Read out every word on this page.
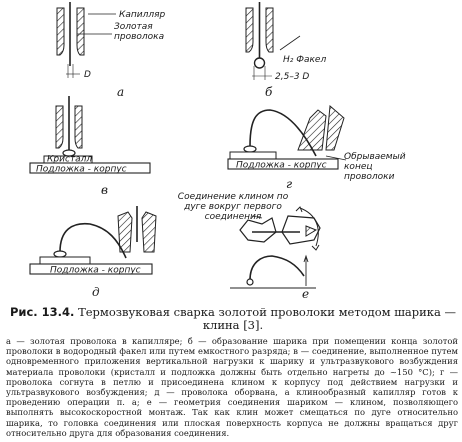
Капилляр
Золотая проволока
D
а
H₂ Факел
2,5–3 D
б
Кристалл
Подложка - корпус
в
Подложка - корпус
Обрываемый конец проволоки
г
Подложка - корпус
д
Соединение клином по дуге вокруг первого соединения
е
Рис. 13.4. Термозвуковая сварка золотой проволоки методом шарика — клина [3].
а — золотая проволока в капилляре; б — образование шарика при помещении конца золотой проволоки в водородный факел или путем емкостного разряда; в — соединение, выполненное путем одновременного приложения вертикальной нагрузки к шарику и ультразвукового возбуждения материала проволоки (кристалл и подложка должны быть отдельно нагреты до ~150 °С); г — проволока согнута в петлю и присоединена клином к корпусу под действием нагрузки и ультразвукового возбуждения; д — проволока оборвана, а клинообразный капилляр готов к проведению операции п. а; е — геометрия соединения шариком — клином, позволяющего выполнять высокоскоростной монтаж. Так как клин может смещаться по дуге относительно шарика, то головка соединения или плоская поверхность корпуса не должны вращаться друг относительно друга для образования соединения.
